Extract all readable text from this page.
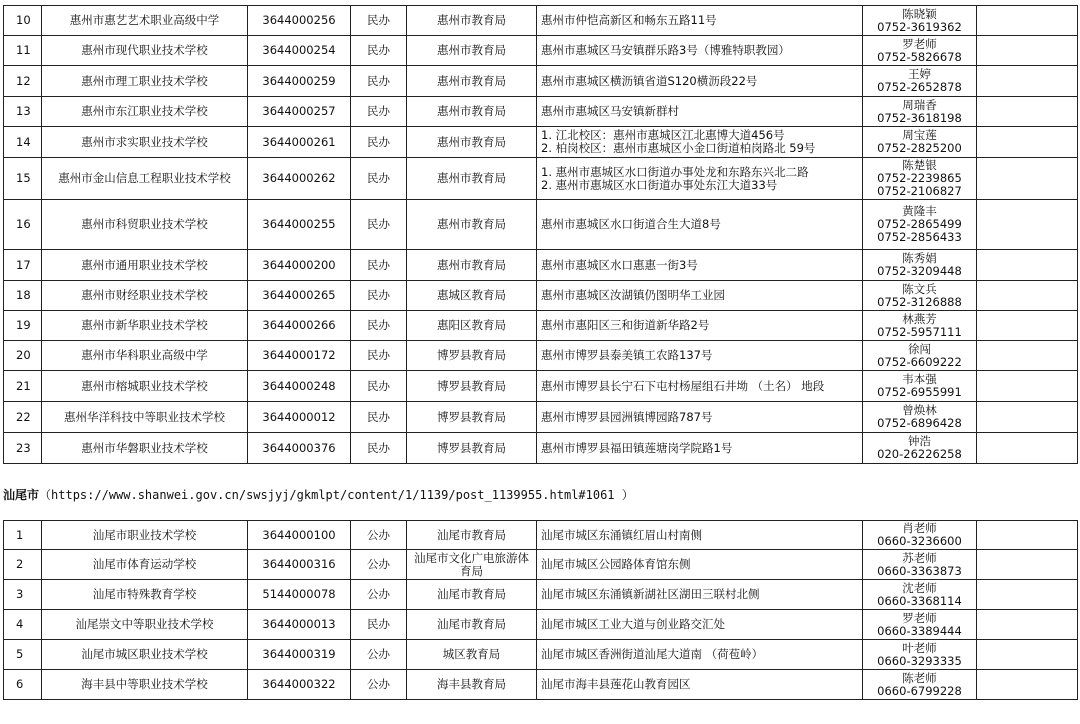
10	惠州市惠艺艺术职业高级中学	3644000256	民办	惠州市教育局	惠州市仲恺高新区和畅东五路11号	陈晓颖
0752-3619362	

11	惠州市现代职业技术学校	3644000254	民办	惠州市教育局	惠州市惠城区马安镇群乐路3号（博雅特职教园）	罗老师
0752-5826678	

12	惠州市理工职业技术学校	3644000259	民办	惠州市教育局	惠州市惠城区横沥镇省道S120横沥段22号	王婷
0752-2652878	

13	惠州市东江职业技术学校	3644000257	民办	惠州市教育局	惠州市惠城区马安镇新群村	周瑞香
0752-3618198	

14	惠州市求实职业技术学校	3644000261	民办	惠州市教育局	1. 江北校区：惠州市惠城区江北惠博大道456号
2. 柏岗校区：惠州市惠城区小金口街道柏岗路北 59号	周宝莲
0752-2825200	

15	惠州市金山信息工程职业技术学校	3644000262	民办	惠州市教育局	1. 惠州市惠城区水口街道办事处龙和东路东兴北二路
2. 惠州市惠城区水口街道办事处东江大道33号	陈楚银
0752-2239865
0752-2106827	

16	惠州市科贸职业技术学校	3644000255	民办	惠州市教育局	惠州市惠城区水口街道合生大道8号	黄隆丰
0752-2865499
0752-2856433	

17	惠州市通用职业技术学校	3644000200	民办	惠州市教育局	惠州市惠城区水口惠惠一街3号	陈秀娟
0752-3209448	

18	惠州市财经职业技术学校	3644000265	民办	惠城区教育局	惠州市惠城区汝湖镇仍图明华工业园	陈文兵
0752-3126888	

19	惠州市新华职业技术学校	3644000266	民办	惠阳区教育局	惠州市惠阳区三和街道新华路2号	林燕芳
0752-5957111	

20	惠州市华科职业高级中学	3644000172	民办	博罗县教育局	惠州市博罗县泰美镇工农路137号	徐闯
0752-6609222	

21	惠州市榕城职业技术学校	3644000248	民办	博罗县教育局	惠州市博罗县长宁石下屯村杨屋组石井坳 （土名） 地段	韦本强
0752-6955991	

22	惠州华洋科技中等职业技术学校	3644000012	民办	博罗县教育局	惠州市博罗县园洲镇博园路787号	曾焕林
0752-6896428	

23	惠州市华磐职业技术学校	3644000376	民办	博罗县教育局	惠州市博罗县福田镇莲塘岗学院路1号	钟浩
020-26226258	

汕尾市（https://www.shanwei.gov.cn/swsjyj/gkmlpt/content/1/1139/post_1139955.html#1061 ）
1	汕尾市职业技术学校	3644000100	公办	汕尾市教育局	汕尾市城区东涌镇红眉山村南侧	肖老师
0660-3236600	

2	汕尾市体育运动学校	3644000316	公办	汕尾市文化广电旅游体
育局	汕尾市城区公园路体育馆东侧	苏老师
0660-3363873	

3	汕尾市特殊教育学校	5144000078	公办	汕尾市教育局	汕尾市城区东涌镇新湖社区湖田三联村北侧	沈老师
0660-3368114	

4	汕尾崇文中等职业技术学校	3644000013	民办	汕尾市教育局	汕尾市城区工业大道与创业路交汇处	罗老师
0660-3389444	

5	汕尾市城区职业技术学校	3644000319	公办	城区教育局	汕尾市城区香洲街道汕尾大道南 （荷苞岭）	叶老师
0660-3293335	

6	海丰县中等职业技术学校	3644000322	公办	海丰县教育局	汕尾市海丰县莲花山教育园区	陈老师
0660-6799228	
